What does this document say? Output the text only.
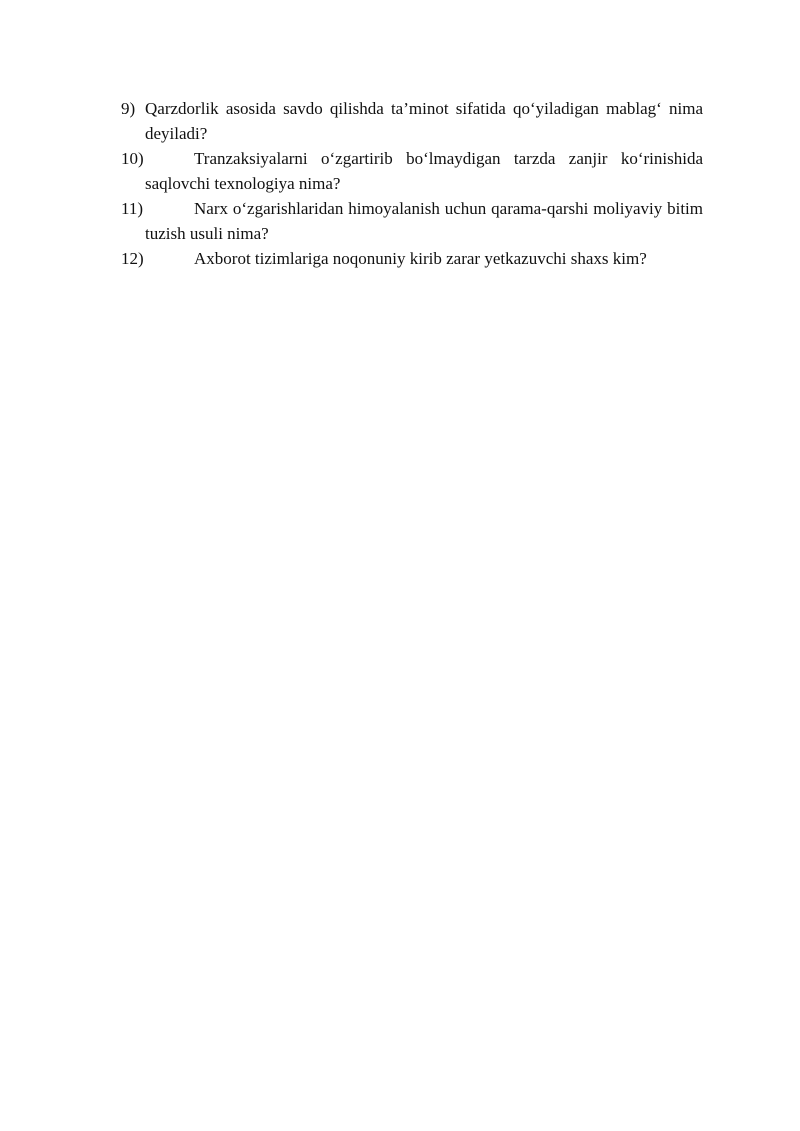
9) Qarzdorlik asosida savdo qilishda ta’minot sifatida qo‘yiladigan mablag‘ nima deyiladi?
10)	Tranzaksiyalarni o‘zgartirib bo‘lmaydigan tarzda zanjir ko‘rinishida saqlovchi texnologiya nima?
11)	Narx o‘zgarishlaridan himoyalanish uchun qarama-qarshi moliyaviy bitim tuzish usuli nima?
12)	Axborot tizimlariga noqonuniy kirib zarar yetkazuvchi shaxs kim?
